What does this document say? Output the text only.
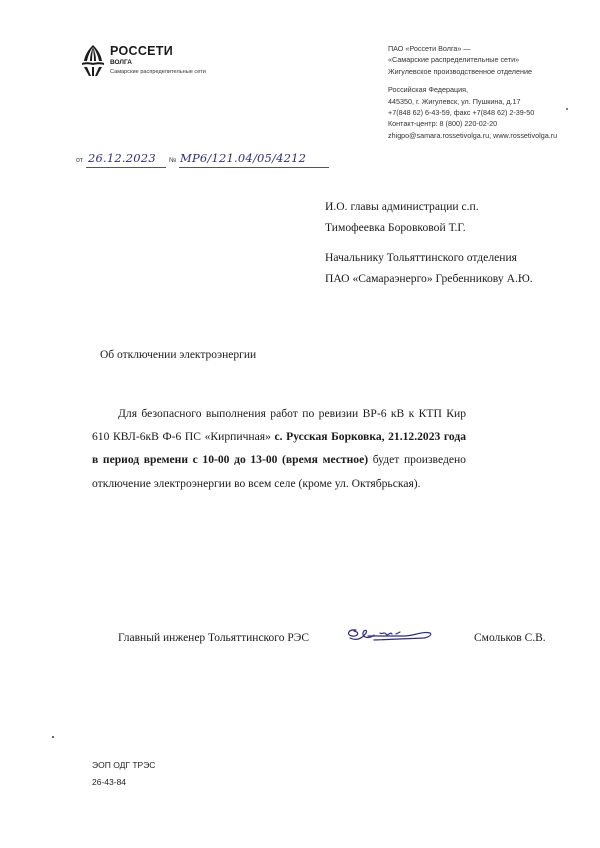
РОССЕТИ
ВОЛГА
Самарские распределительные сети
ПАО «Россети Волга» —
«Самарские распределительные сети»
Жигулевское производственное отделение
Российская Федерация,
445350, г. Жигулевск, ул. Пушкина, д.17
+7(848 62) 6-43-59, факс +7(848 62) 2-39-50
Контакт-центр: 8 (800) 220-02-20
zhigpo@samara.rossetivolga.ru, www.rossetivolga.ru
от 26.12.2023 № МР6/121.04/05/4212
И.О. главы администрации с.п.
Тимофеевка Боровковой Т.Г.
Начальнику Тольяттинского отделения
ПАО «Самараэнерго» Гребенникову А.Ю.
Об отключении электроэнергии
Для безопасного выполнения работ по ревизии ВР-6 кВ к КТП Кир 610 КВЛ-6кВ Ф-6 ПС «Кирпичная» с. Русская Борковка, 21.12.2023 года в период времени с 10-00 до 13-00 (время местное) будет произведено отключение электроэнергии во всем селе (кроме ул. Октябрьская).
Главный инженер Тольяттинского РЭС	Смольков С.В.
ЭОП ОДГ ТРЭС
26-43-84
